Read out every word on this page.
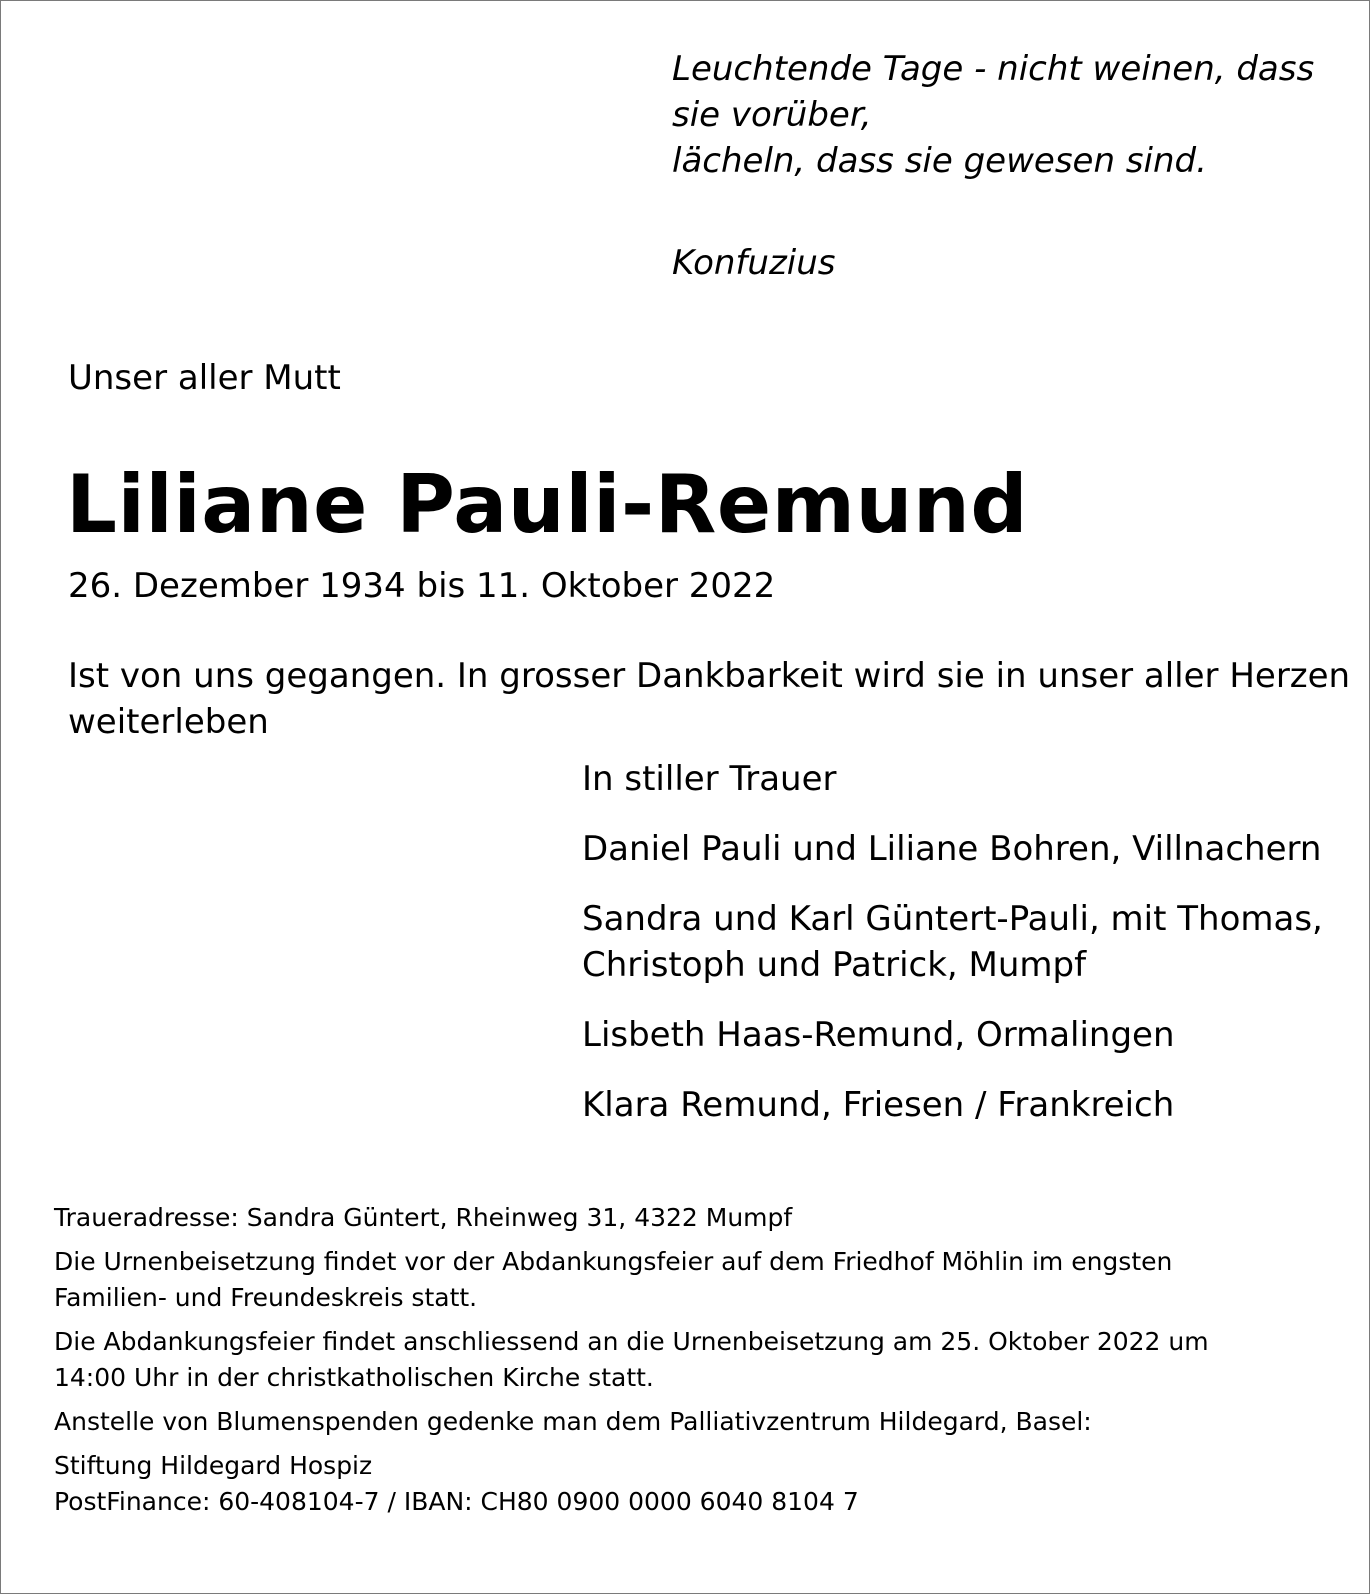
Leuchtende Tage - nicht weinen, dass
sie vorüber,
lächeln, dass sie gewesen sind.
Konfuzius
Unser aller Mutt
Liliane Pauli-Remund
26. Dezember 1934 bis 11. Oktober 2022
Ist von uns gegangen. In grosser Dankbarkeit wird sie in unser aller Herzen
weiterleben
In stiller Trauer
Daniel Pauli und Liliane Bohren, Villnachern
Sandra und Karl Güntert-Pauli, mit Thomas,
Christoph und Patrick, Mumpf
Lisbeth Haas-Remund, Ormalingen
Klara Remund, Friesen / Frankreich
Traueradresse: Sandra Güntert, Rheinweg 31, 4322 Mumpf
Die Urnenbeisetzung findet vor der Abdankungsfeier auf dem Friedhof Möhlin im engsten
Familien- und Freundeskreis statt.
Die Abdankungsfeier findet anschliessend an die Urnenbeisetzung am 25. Oktober 2022 um
14:00 Uhr in der christkatholischen Kirche statt.
Anstelle von Blumenspenden gedenke man dem Palliativzentrum Hildegard, Basel:
Stiftung Hildegard Hospiz
PostFinance: 60-408104-7 / IBAN: CH80 0900 0000 6040 8104 7
